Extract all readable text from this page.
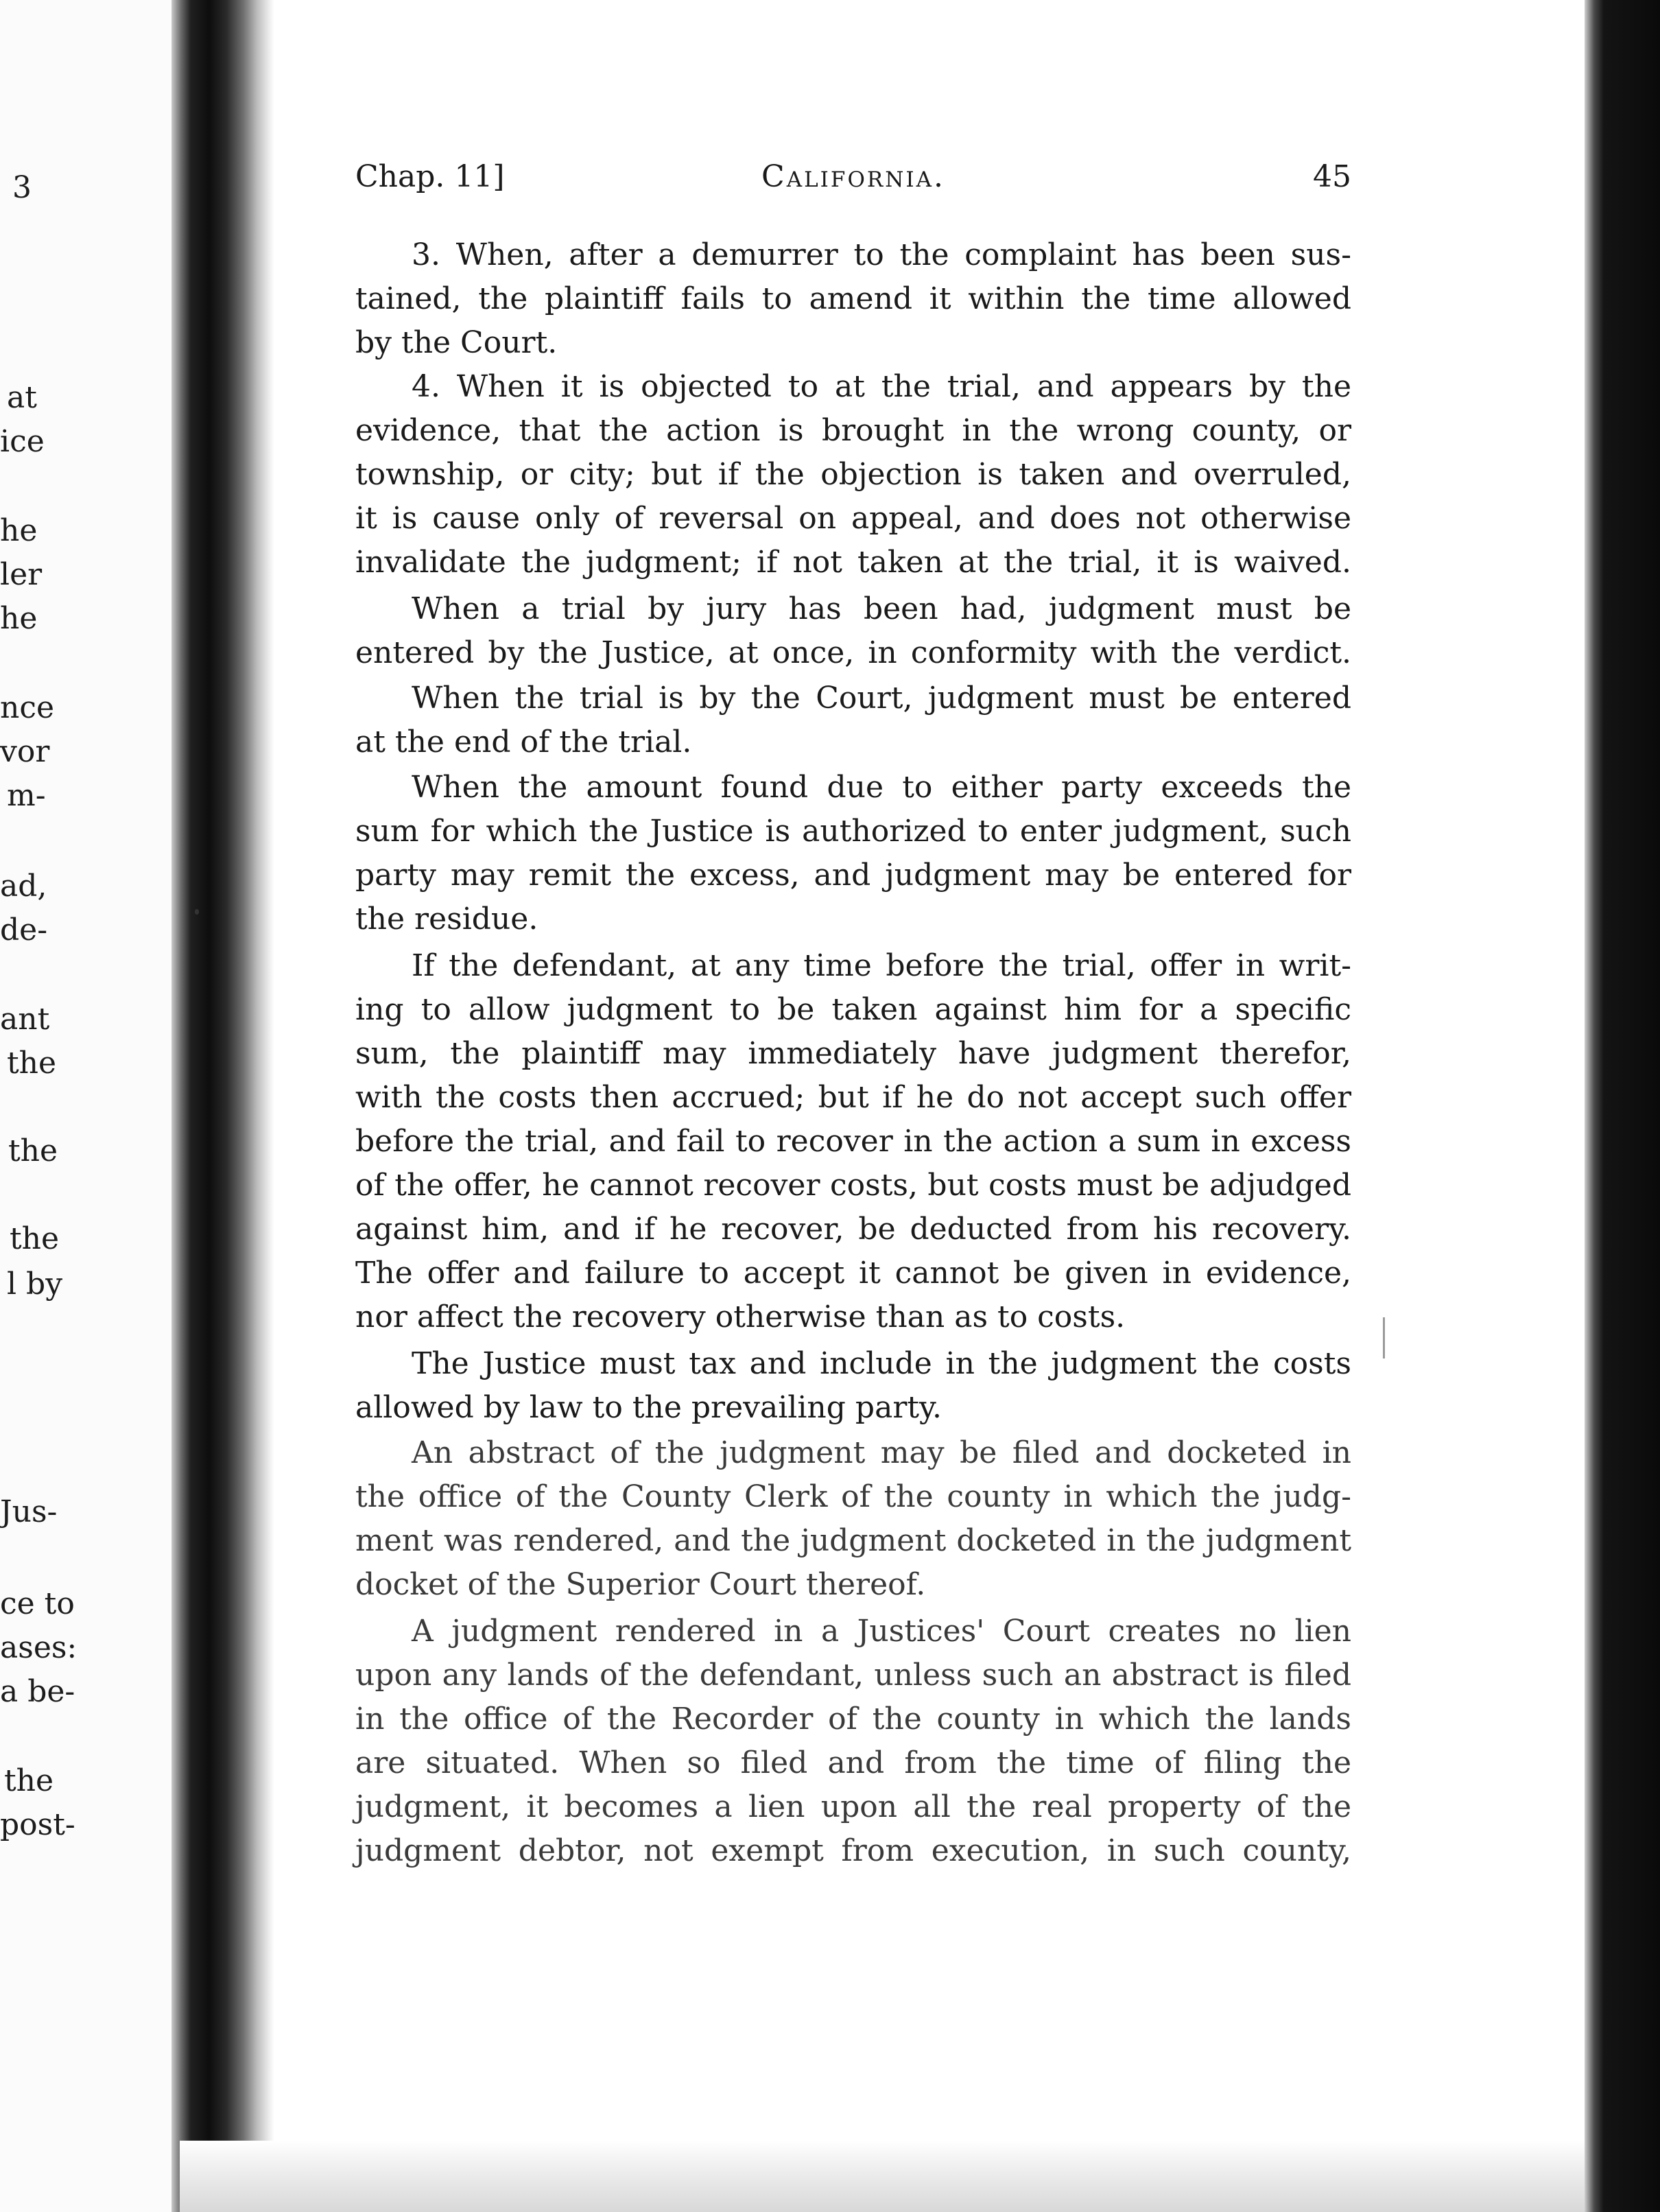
3
at
ice
he
ler
he
nce
vor
m-
ad,
de-
ant
the
the
the
l by
Jus-
ce to
ases:
a be-
the
post-
Chap. 11]	California.	45
3. When, after a demurrer to the complaint has been sus-
tained, the plaintiff fails to amend it within the time allowed
by the Court.
4. When it is objected to at the trial, and appears by the
evidence, that the action is brought in the wrong county, or
township, or city; but if the objection is taken and overruled,
it is cause only of reversal on appeal, and does not otherwise
invalidate the judgment; if not taken at the trial, it is waived.
When a trial by jury has been had, judgment must be
entered by the Justice, at once, in conformity with the verdict.
When the trial is by the Court, judgment must be entered
at the end of the trial.
When the amount found due to either party exceeds the
sum for which the Justice is authorized to enter judgment, such
party may remit the excess, and judgment may be entered for
the residue.
If the defendant, at any time before the trial, offer in writ-
ing to allow judgment to be taken against him for a specific
sum, the plaintiff may immediately have judgment therefor,
with the costs then accrued; but if he do not accept such offer
before the trial, and fail to recover in the action a sum in excess
of the offer, he cannot recover costs, but costs must be adjudged
against him, and if he recover, be deducted from his recovery.
The offer and failure to accept it cannot be given in evidence,
nor affect the recovery otherwise than as to costs.
The Justice must tax and include in the judgment the costs
allowed by law to the prevailing party.
An abstract of the judgment may be filed and docketed in
the office of the County Clerk of the county in which the judg-
ment was rendered, and the judgment docketed in the judgment
docket of the Superior Court thereof.
A judgment rendered in a Justices' Court creates no lien
upon any lands of the defendant, unless such an abstract is filed
in the office of the Recorder of the county in which the lands
are situated. When so filed and from the time of filing the
judgment, it becomes a lien upon all the real property of the
judgment debtor, not exempt from execution, in such county,
